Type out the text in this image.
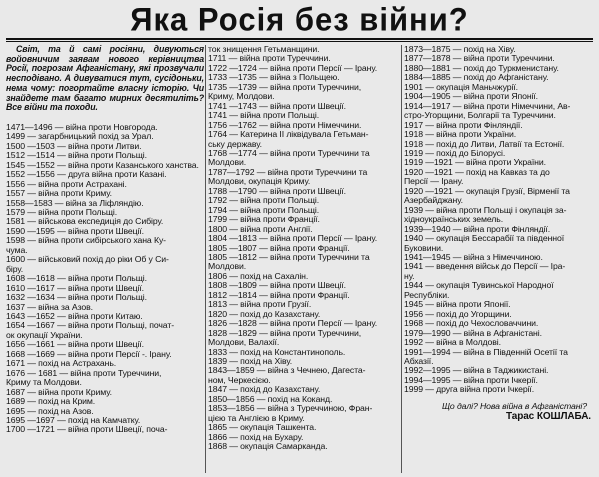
Яка Росія без війни?
Світ, та й самі росіяни, дивуються войовничим заявам нового керівництва Росії, погрозам Афганістану, які прозвучали несподівано. А дивуватися тут, сусідоньки, нема чому: погортайте власну історію. Чи знайдете там багато мирних десятиліть? Все війни та походи.
1471—1496 — війна проти Новгорода.
1499 — загарбницький похід за Урал.
1500 —1503 — війна проти Литви.
1512 —1514 — війна проти Польщі.
1545 —1552 — війна проти Казанського ханства.
1552 —1556 — друга війна проти Казані.
1556 — війна проти Астрахані.
1557 — війна проти Криму.
1558—1583 — війна за Ліфляндію.
1579 — війна проти Польщі.
1581 — військова експедиція до Сибіру.
1590 —1595 — війна проти Швеції.
1598 — війна проти сибірського хана Ку-
чума.
1600 — військовий похід до ріки Об у Си-
біру.
1608 —1618 — війна проти Польщі.
1610 —1617 — війна проти Швеції.
1632 —1634 — війна проти Польщі.
1637 — війна за Азов.
1643 —1652 — війна проти Китаю.
1654 —1667 — війна проти Польщі, почат-
ок окупації України.
1656 —1661 — війна проти Швеції.
1668 —1669 — війна проти Персії -. Ірану.
1671 — похід на Астрахань.
1676 — 1681 — війна проти Туреччини,
Криму та Молдови.
1687 — війна проти Криму.
1689 — похід на Крим.
1695 — похід на Азов.
1695 —1697 — похід на Камчатку.
1700 —1721 — війна проти Швеції, поча-
ток знищення Гетьманщини.
1711 — війна проти Туреччини.
1722 —1724 — війна проти Персії — Ірану.
1733 —1735 — війна з Польщею.
1735 —1739 — війна проти Туреччини,
Криму, Молдови.
1741 —1743 — війна проти Швеції.
1741 — війна проти Польщі.
1756 —1762 — війна проти Німеччини.
1764 — Катерина II ліквідувала Гетьман-
ську державу.
1768 —1774 — війна проти Туреччини та
Молдови.
1787—1792 — війна проти Туреччини та
Молдови, окупація Криму.
1788 —1790 — війна проти Швеції.
1792 — війна проти Польщі.
1794 — війна проти Польщі.
1799 — війна проти Франції.
1800 — війна проти Англії.
1804 —1813 — війна проти Персії — Ірану.
1805 —1807 — війна проти Франції.
1805 —1812 — війна проти Туреччини та
Молдови.
1806 — похід на Сахалін.
1808 —1809 — війна проти Швеції.
1812 —1814 — війна проти Франції.
1813 — війна проти Грузії.
1820 — похід до Казахстану.
1826 —1828 — війна проти Персії — Ірану.
1828 —1829 — війна проти Туреччини,
Молдови, Валахії.
1833 — похід на Константинополь.
1839 — похід на Хіву.
1843—1859 — війна з Чечнею, Дагеста-
ном, Черкесією.
1847 — похід до Казахстану.
1850—1856 — похід на Коканд.
1853—1856 — війна з Туреччиною, Фран-
цією та Англією в Криму.
1865 — окупація Ташкента.
1866 — похід на Бухару.
1868 — окупація Самарканда.
1873—1875 — похід на Хіву.
1877—1878 — війна проти Туреччини.
1880—1881 — похід до Туркменистану.
1884—1885 — похід до Афганістану.
1901 — окупація Маньчжурії.
1904—1905 — війна проти Японії.
1914—1917 — війна проти Німеччини, Ав-
стро-Угорщини, Болгарії та Туреччини.
1917 — війна проти Фінляндії.
1918 — війна проти України.
1918 — похід до Литви, Латвії та Естонії.
1919 — похід до Білорусі.
1919 —1921 — війна проти України.
1920 —1921 — похід на Кавказ та до
Персії — Ірану.
1920 —1921 — окупація Грузії, Вірменії та
Азербайджану.
1939 — війна проти Польщі і окупація за-
хідноукраїнських земель.
1939—1940 — війна проти Фінляндії.
1940 — окупація Бессарабії та південної
Буковини.
1941—1945 — війна з Німеччиною.
1941 — введення військ до Персії — Іра-
ну.
1944 — окупація Тувинської Народної
Республіки.
1945 — війна проти Японії.
1956 — похід до Угорщини.
1968 — похід до Чехословаччини.
1979—1990 — війна в Афганістані.
1992 — війна в Молдові.
1991—1994 — війна в Південній Осетії та
Абхазії.
1992—1995 — війна в Таджикистані.
1994—1995 — війна проти Ічкерії.
1999 — друга війна проти Ічкерії.
Що далі? Нова війна в Афганістані?
Тарас КОШЛАБА.
